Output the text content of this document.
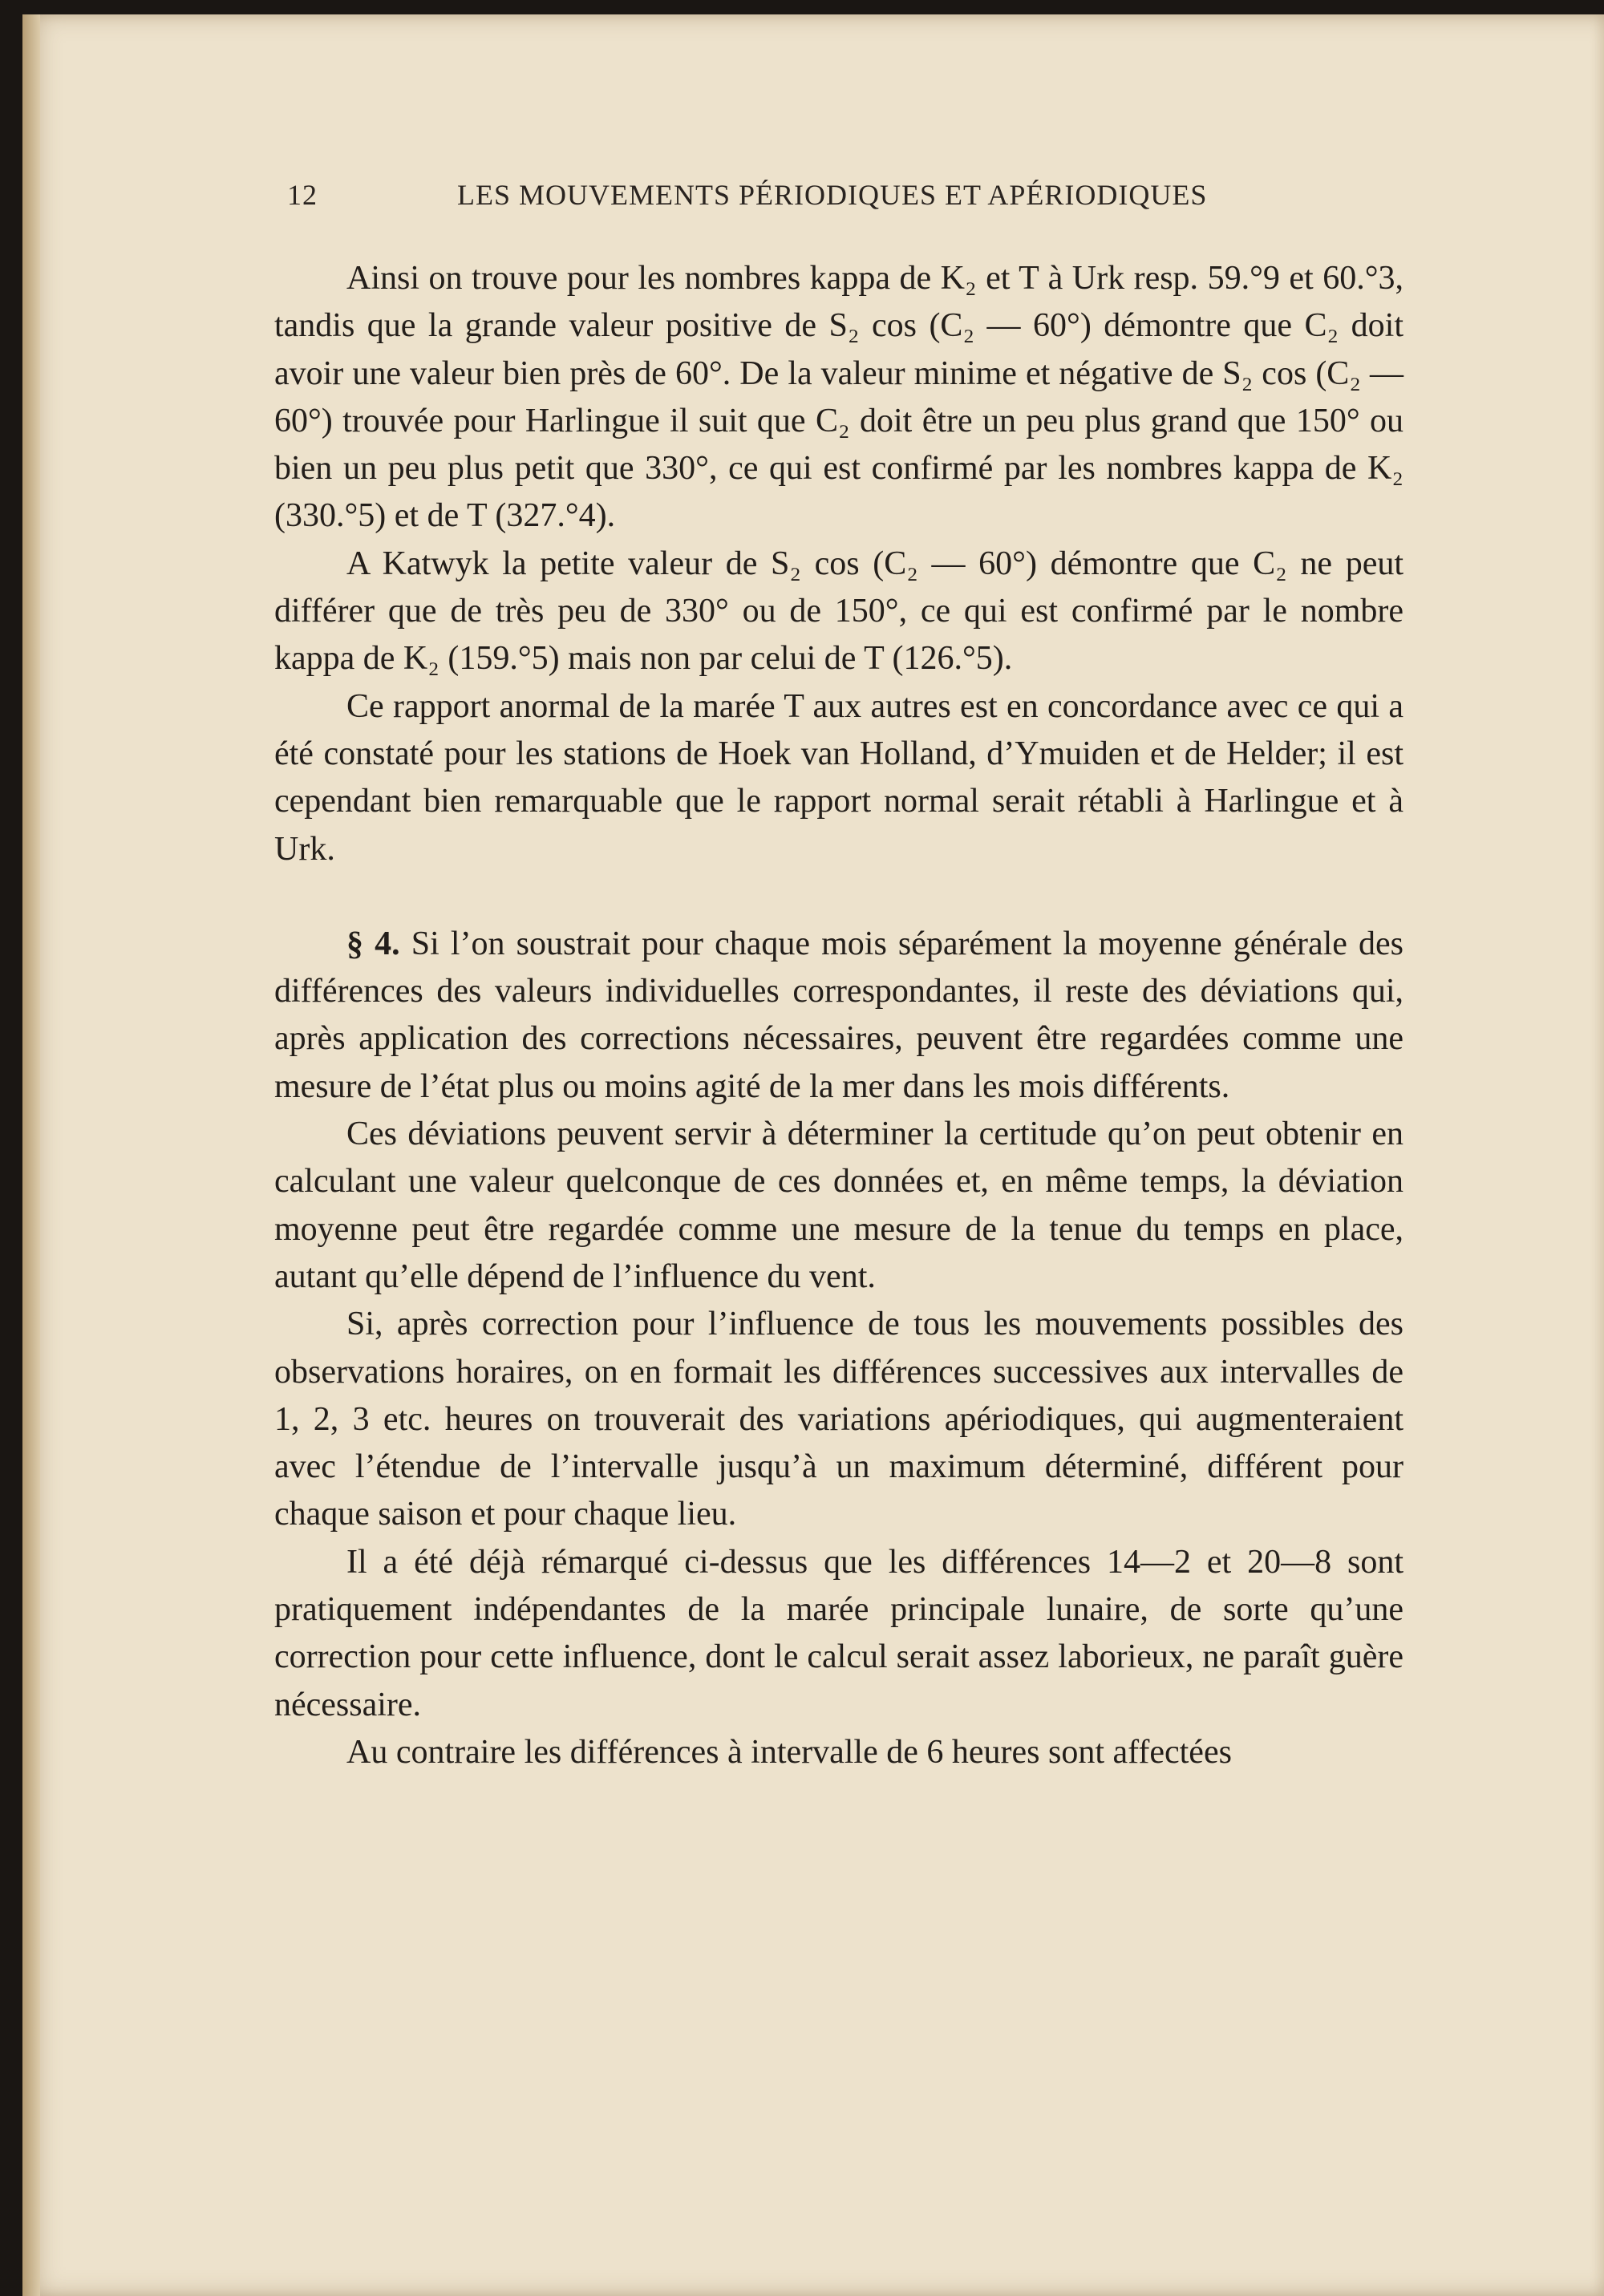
12	LES MOUVEMENTS PÉRIODIQUES ET APÉRIODIQUES

Ainsi on trouve pour les nombres kappa de K₂ et T à Urk resp. 59.°9 et 60.°3, tandis que la grande valeur positive de S₂ cos (C₂ — 60°) démontre que C₂ doit avoir une valeur bien près de 60°. De la valeur minime et négative de S₂ cos (C₂ — 60°) trouvée pour Harlingue il suit que C₂ doit être un peu plus grand que 150° ou bien un peu plus petit que 330°, ce qui est confirmé par les nombres kappa de K₂ (330.°5) et de T (327.°4).

A Katwyk la petite valeur de S₂ cos (C₂ — 60°) démontre que C₂ ne peut différer que de très peu de 330° ou de 150°, ce qui est confirmé par le nombre kappa de K₂ (159.°5) mais non par celui de T (126.°5).

Ce rapport anormal de la marée T aux autres est en concordance avec ce qui a été constaté pour les stations de Hoek van Holland, d’Ymuiden et de Helder; il est cependant bien remarquable que le rapport normal serait rétabli à Harlingue et à Urk.

§ 4. Si l’on soustrait pour chaque mois séparément la moyenne générale des différences des valeurs individuelles correspondantes, il reste des déviations qui, après application des corrections nécessaires, peuvent être regardées comme une mesure de l’état plus ou moins agité de la mer dans les mois différents.

Ces déviations peuvent servir à déterminer la certitude qu’on peut obtenir en calculant une valeur quelconque de ces données et, en même temps, la déviation moyenne peut être regardée comme une mesure de la tenue du temps en place, autant qu’elle dépend de l’influence du vent.

Si, après correction pour l’influence de tous les mouvements possibles des observations horaires, on en formait les différences successives aux intervalles de 1, 2, 3 etc. heures on trouverait des variations apériodiques, qui augmenteraient avec l’étendue de l’intervalle jusqu’à un maximum déterminé, différent pour chaque saison et pour chaque lieu.

Il a été déjà rémarqué ci-dessus que les différences 14—2 et 20—8 sont pratiquement indépendantes de la marée principale lunaire, de sorte qu’une correction pour cette influence, dont le calcul serait assez laborieux, ne paraît guère nécessaire.

Au contraire les différences à intervalle de 6 heures sont affectées
